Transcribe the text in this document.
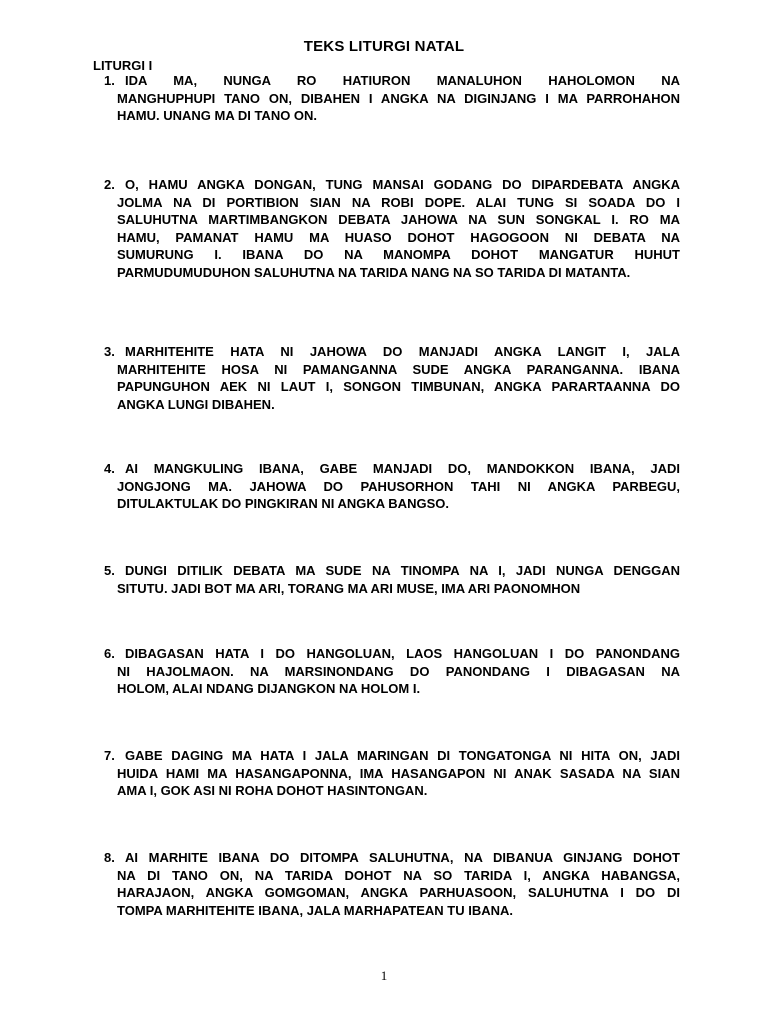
TEKS LITURGI NATAL
LITURGI I
1. IDA MA, NUNGA RO HATIURON MANALUHON HAHOLOMON NA
MANGHUPHUPI TANO ON, DIBAHEN I ANGKA NA DIGINJANG I MA PARROHAHON
HAMU. UNANG MA DI TANO ON.
2. O, HAMU ANGKA DONGAN, TUNG MANSAI GODANG DO DIPARDEBATA ANGKA
JOLMA NA DI PORTIBION SIAN NA ROBI DOPE. ALAI TUNG SI SOADA DO I
SALUHUTNA MARTIMBANGKON DEBATA JAHOWA NA SUN SONGKAL I. RO MA
HAMU, PAMANAT HAMU MA HUASO DOHOT HAGOGOON NI DEBATA NA
SUMURUNG I. IBANA DO NA MANOMPA DOHOT MANGATUR HUHUT
PARMUDUMUDUHON SALUHUTNA NA TARIDA NANG NA SO TARIDA DI MATANTA.
3. MARHITEHITE HATA NI JAHOWA DO MANJADI ANGKA LANGIT I, JALA
MARHITEHITE HOSA NI PAMANGANNA SUDE ANGKA PARANGANNA. IBANA
PAPUNGUHON AEK NI LAUT I, SONGON TIMBUNAN, ANGKA PARARTAANNA DO
ANGKA LUNGI DIBAHEN.
4. AI MANGKULING IBANA, GABE MANJADI DO, MANDOKKON IBANA, JADI
JONGJONG MA. JAHOWA DO PAHUSORHON TAHI NI ANGKA PARBEGU,
DITULAKTULAK DO PINGKIRAN NI ANGKA BANGSO.
5. DUNGI DITILIK DEBATA MA SUDE NA TINOMPA NA I, JADI NUNGA DENGGAN
SITUTU. JADI BOT MA ARI, TORANG MA ARI MUSE, IMA ARI PAONOMHON
6. DIBAGASAN HATA I DO HANGOLUAN, LAOS HANGOLUAN I DO PANONDANG
NI HAJOLMAON. NA MARSINONDANG DO PANONDANG I DIBAGASAN NA
HOLOM, ALAI NDANG DIJANGKON NA HOLOM I.
7. GABE DAGING MA HATA I JALA MARINGAN DI TONGATONGA NI HITA ON, JADI
HUIDA HAMI MA HASANGAPONNA, IMA HASANGAPON NI ANAK SASADA NA SIAN
AMA I, GOK ASI NI ROHA DOHOT HASINTONGAN.
8. AI MARHITE IBANA DO DITOMPA SALUHUTNA, NA DIBANUA GINJANG DOHOT
NA DI TANO ON, NA TARIDA DOHOT NA SO TARIDA I, ANGKA HABANGSA,
HARAJAON, ANGKA GOMGOMAN, ANGKA PARHUASOON, SALUHUTNA I DO DI
TOMPA MARHITEHITE IBANA, JALA MARHAPATEAN TU IBANA.
1
